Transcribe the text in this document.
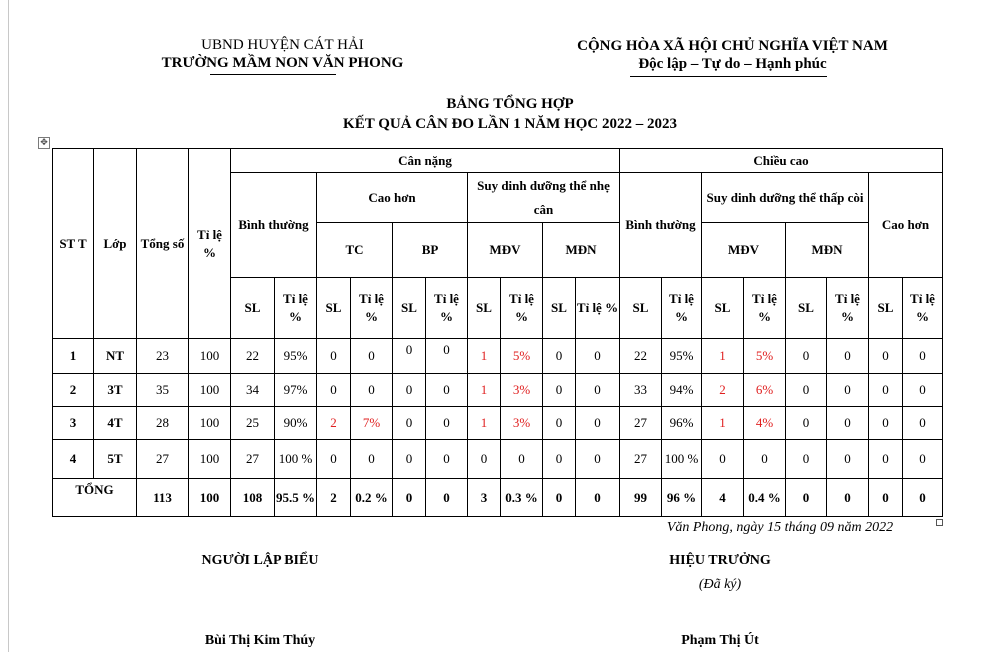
UBND HUYỆN CÁT HẢI
TRƯỜNG MẦM NON VĂN PHONG
CỘNG HÒA XÃ HỘI CHỦ NGHĨA VIỆT NAM
Độc lập – Tự do – Hạnh phúc
BẢNG TỔNG HỢP
KẾT QUẢ CÂN ĐO LẦN 1 NĂM HỌC 2022 – 2023
✥
ST T	Lớp	Tổng số	Tỉ lệ %	Cân nặng										Chiều cao							
				Bình thường		Cao hơn				Suy dinh dưỡng thể nhẹ cân				Bình thường		Suy dinh dưỡng thể thấp còi				Cao hơn	
						TC		BP		MĐV		MĐN				MĐV		MĐN			
				SL	Tỉ lệ %	SL	Tỉ lệ %	SL	Tỉ lệ %	SL	Tỉ lệ %	SL	Tỉ lệ %	SL	Tỉ lệ %	SL	Tỉ lệ %	SL	Tỉ lệ %	SL	Tỉ lệ %
1	NT	23	100	22	95%	0	0	0	0	1	5%	0	0	22	95%	1	5%	0	0	0	0
2	3T	35	100	34	97%	0	0	0	0	1	3%	0	0	33	94%	2	6%	0	0	0	0
3	4T	28	100	25	90%	2	7%	0	0	1	3%	0	0	27	96%	1	4%	0	0	0	0
4	5T	27	100	27	100 %	0	0	0	0	0	0	0	0	27	100 %	0	0	0	0	0	0
TỔNG		113	100	108	95.5 %	2	0.2 %	0	0	3	0.3 %	0	0	99	96 %	4	0.4 %	0	0	0	0
Văn Phong, ngày 15 tháng 09 năm 2022
NGƯỜI LẬP BIỂU	HIỆU TRƯỞNG
(Đã ký)
Bùi Thị Kim Thúy	Phạm Thị Út
